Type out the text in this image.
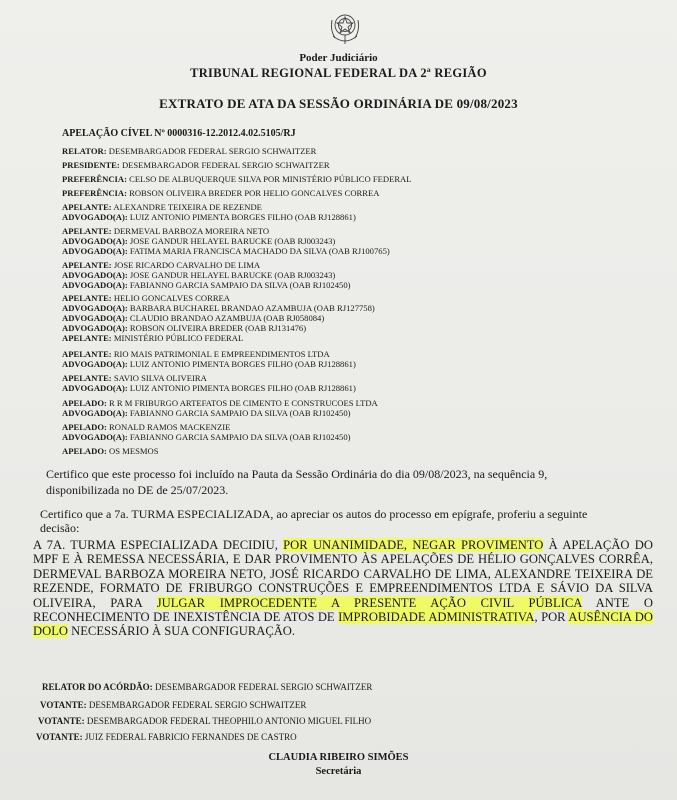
Poder Judiciário
TRIBUNAL REGIONAL FEDERAL DA 2ª REGIÃO
EXTRATO DE ATA DA SESSÃO ORDINÁRIA DE 09/08/2023
APELAÇÃO CÍVEL Nº 0000316-12.2012.4.02.5105/RJ
RELATOR: DESEMBARGADOR FEDERAL SERGIO SCHWAITZER
PRESIDENTE: DESEMBARGADOR FEDERAL SERGIO SCHWAITZER
PREFERÊNCIA: CELSO DE ALBUQUERQUE SILVA POR MINISTÉRIO PÚBLICO FEDERAL
PREFERÊNCIA: ROBSON OLIVEIRA BREDER POR HELIO GONCALVES CORREA
APELANTE: ALEXANDRE TEIXEIRA DE REZENDE
ADVOGADO(A): LUIZ ANTONIO PIMENTA BORGES FILHO (OAB RJ128861)
APELANTE: DERMEVAL BARBOZA MOREIRA NETO
ADVOGADO(A): JOSE GANDUR HELAYEL BARUCKE (OAB RJ003243)
ADVOGADO(A): FATIMA MARIA FRANCISCA MACHADO DA SILVA (OAB RJ100765)
APELANTE: JOSE RICARDO CARVALHO DE LIMA
ADVOGADO(A): JOSE GANDUR HELAYEL BARUCKE (OAB RJ003243)
ADVOGADO(A): FABIANNO GARCIA SAMPAIO DA SILVA (OAB RJ102450)
APELANTE: HELIO GONCALVES CORREA
ADVOGADO(A): BARBARA BUCHAREL BRANDAO AZAMBUJA (OAB RJ127758)
ADVOGADO(A): CLAUDIO BRANDAO AZAMBUJA (OAB RJ058084)
ADVOGADO(A): ROBSON OLIVEIRA BREDER (OAB RJ131476)
APELANTE: MINISTÉRIO PÚBLICO FEDERAL
APELANTE: RIO MAIS PATRIMONIAL E EMPREENDIMENTOS LTDA
ADVOGADO(A): LUIZ ANTONIO PIMENTA BORGES FILHO (OAB RJ128861)
APELANTE: SAVIO SILVA OLIVEIRA
ADVOGADO(A): LUIZ ANTONIO PIMENTA BORGES FILHO (OAB RJ128861)
APELADO: R R M FRIBURGO ARTEFATOS DE CIMENTO E CONSTRUCOES LTDA
ADVOGADO(A): FABIANNO GARCIA SAMPAIO DA SILVA (OAB RJ102450)
APELADO: RONALD RAMOS MACKENZIE
ADVOGADO(A): FABIANNO GARCIA SAMPAIO DA SILVA (OAB RJ102450)
APELADO: OS MESMOS
Certifico que este processo foi incluído na Pauta da Sessão Ordinária do dia 09/08/2023, na sequência 9,
disponibilizada no DE de 25/07/2023.
Certifico que a 7a. TURMA ESPECIALIZADA, ao apreciar os autos do processo em epígrafe, proferiu a seguinte
decisão:
A 7A. TURMA ESPECIALIZADA DECIDIU, POR UNANIMIDADE, NEGAR PROVIMENTO À APELAÇÃO DO MPF E À REMESSA NECESSÁRIA, E DAR PROVIMENTO ÀS APELAÇÕES DE HÉLIO GONÇALVES CORRÊA, DERMEVAL BARBOZA MOREIRA NETO, JOSÉ RICARDO CARVALHO DE LIMA, ALEXANDRE TEIXEIRA DE REZENDE, FORMATO DE FRIBURGO CONSTRUÇÕES E EMPREENDIMENTOS LTDA E SÁVIO DA SILVA OLIVEIRA, PARA JULGAR IMPROCEDENTE A PRESENTE AÇÃO CIVIL PÚBLICA ANTE O RECONHECIMENTO DE INEXISTÊNCIA DE ATOS DE IMPROBIDADE ADMINISTRATIVA, POR AUSÊNCIA DO DOLO NECESSÁRIO À SUA CONFIGURAÇÃO.
RELATOR DO ACÓRDÃO: DESEMBARGADOR FEDERAL SERGIO SCHWAITZER
VOTANTE: DESEMBARGADOR FEDERAL SERGIO SCHWAITZER
VOTANTE: DESEMBARGADOR FEDERAL THEOPHILO ANTONIO MIGUEL FILHO
VOTANTE: JUIZ FEDERAL FABRICIO FERNANDES DE CASTRO
CLAUDIA RIBEIRO SIMÕES
Secretária
